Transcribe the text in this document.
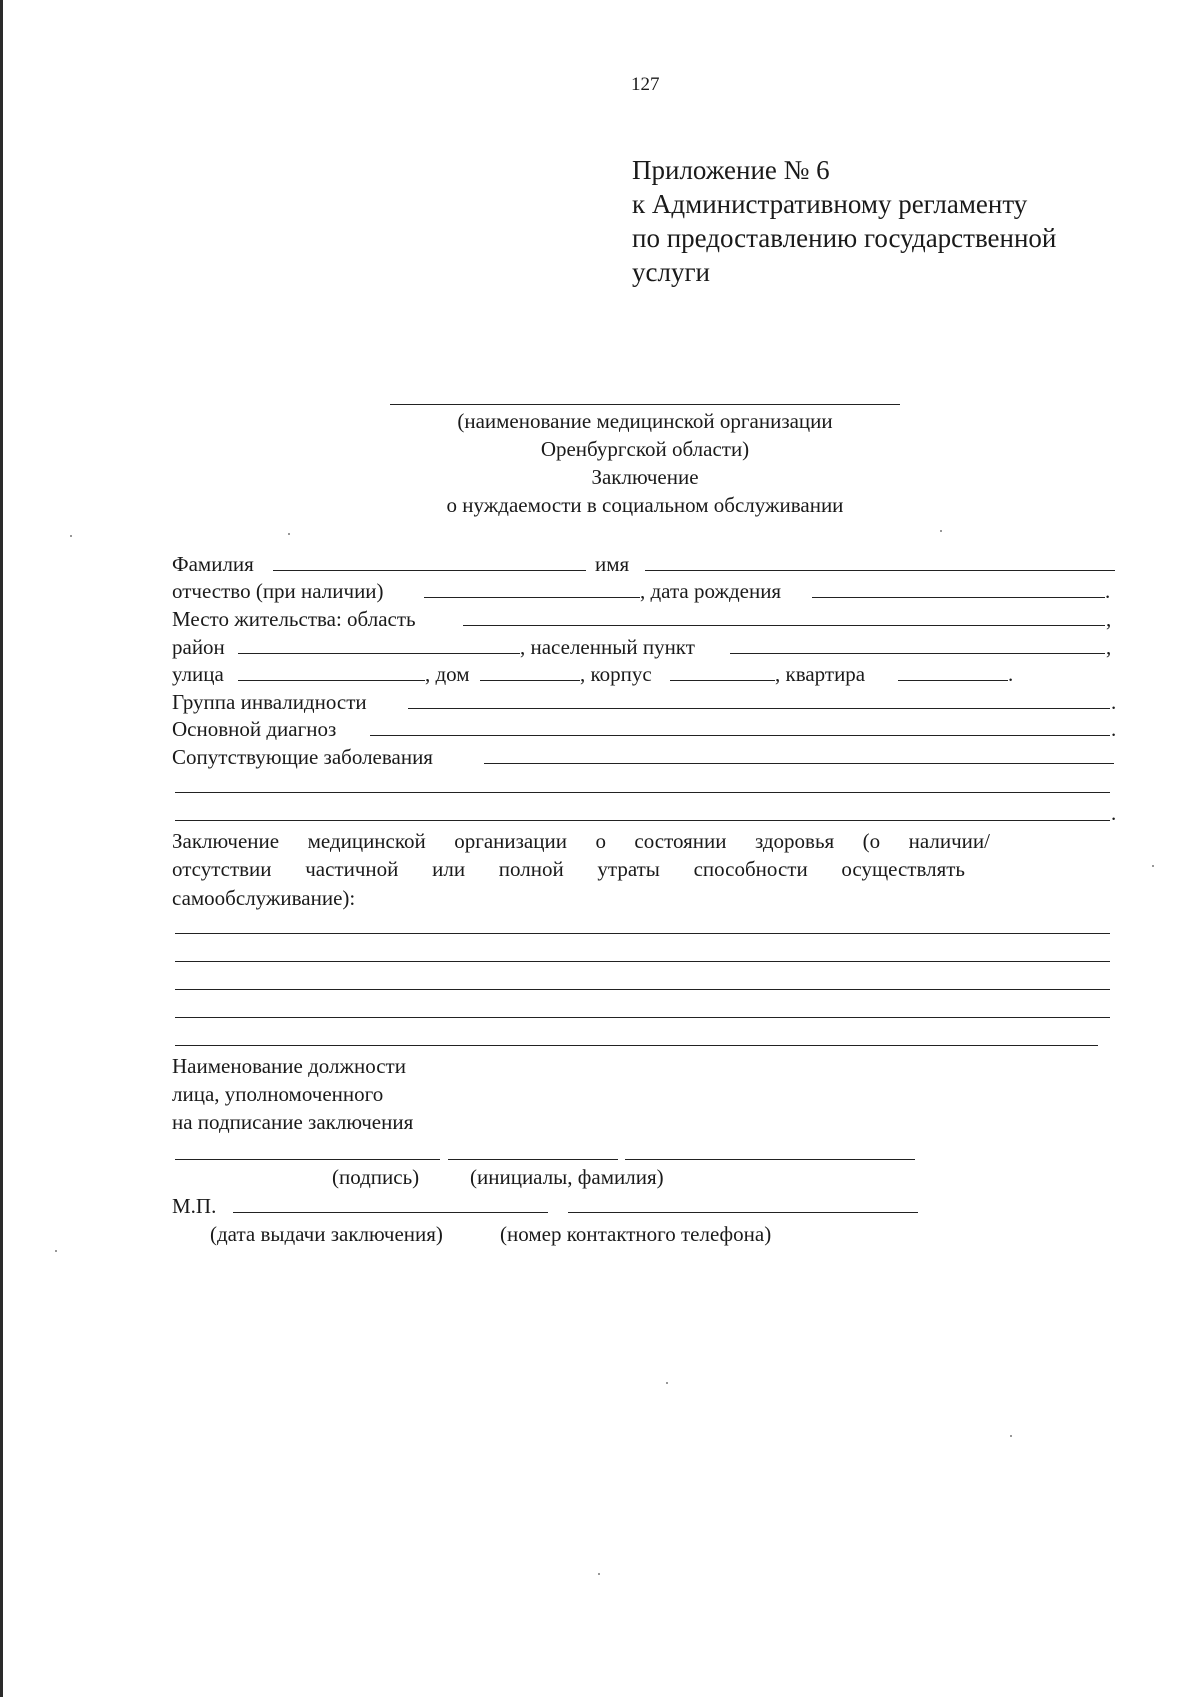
127
Приложение № 6
к Административному регламенту
по предоставлению государственной
услуги
(наименование медицинской организации
Оренбургской области)
Заключение
о нуждаемости в социальном обслуживании
Фамилия	имя
отчество (при наличии)	, дата рождения	.
Место жительства: область	,
район	, населенный пункт	,
улица	, дом	, корпус	, квартира	.
Группа инвалидности	.
Основной диагноз	.
Сопутствующие заболевания
.
Заключение медицинской организации о состоянии здоровья (о наличии/
отсутствии частичной или полной утраты способности осуществлять
самообслуживание):
Наименование должности
лица, уполномоченного
на подписание заключения
(подпись) (инициалы, фамилия)
М.П.
(дата выдачи заключения)	(номер контактного телефона)
